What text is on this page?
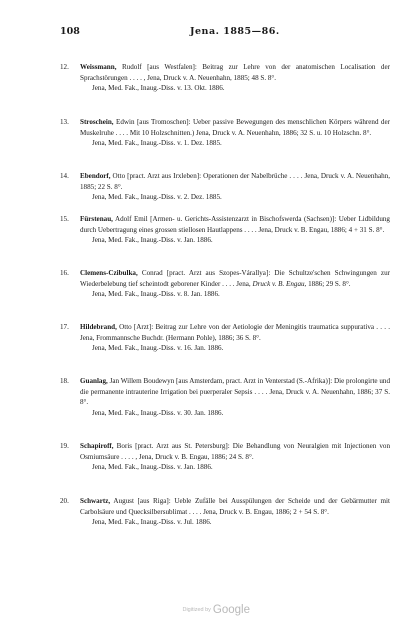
108	Jena. 1885—86.
12.	Weissmann, Rudolf [aus Westfalen]: Beitrag zur Lehre von der anatomischen Localisation der Sprachstörungen . . . . , Jena, Druck v. A. Neuenhahn, 1885; 48 S. 8°.
Jena, Med. Fak., Inaug.-Diss. v. 13. Okt. 1886.
13.	Stroschein, Edwin [aus Tromoschen]: Ueber passive Bewegungen des menschlichen Körpers während der Muskelruhe . . . . Mit 10 Holzschnitten.) Jena, Druck v. A. Neuenhahn, 1886; 32 S. u. 10 Holzschn. 8°.
Jena, Med. Fak., Inaug.-Diss. v. 1. Dez. 1885.
14.	Ebendorf, Otto [pract. Arzt aus Irxleben]: Operationen der Nabelbrüche . . . . Jena, Druck v. A. Neuenhahn, 1885; 22 S. 8°.
Jena, Med. Fak., Inaug.-Diss. v. 2. Dez. 1885.
15.	Fürstenau, Adolf Emil [Armen- u. Gerichts-Assistenzarzt in Bischofswerda (Sachsen)]: Ueber Lidbildung durch Uebertragung eines grossen stiellosen Hautlappens . . . . Jena, Druck v. B. Engau, 1886; 4 + 31 S. 8°.
Jena, Med. Fak., Inaug.-Diss. v. Jan. 1886.
16.	Clemens-Czibulka, Conrad [pract. Arzt aus Szopes-Várallya]: Die Schultze'schen Schwingungen zur Wiederbelebung tief scheintodt geborener Kinder . . . . Jena, Druck v. B. Engau, 1886; 29 S. 8°.
Jena, Med. Fak., Inaug.-Diss. v. 8. Jan. 1886.
17.	Hildebrand, Otto [Arzt]: Beitrag zur Lehre von der Aetiologie der Meningitis traumatica suppurativa . . . . Jena, Frommannsche Buchdr. (Hermann Pohle), 1886; 36 S. 8°.
Jena, Med. Fak., Inaug.-Diss. v. 16. Jan. 1886.
18.	Guanlag, Jan Willem Boudewyn [aus Amsterdam, pract. Arzt in Venterstad (S.-Afrika)]: Die prolongirte und die permanente intrauterine Irrigation bei puerperaler Sepsis . . . . Jena, Druck v. A. Neuenhahn, 1886; 37 S. 8°.
Jena, Med. Fak., Inaug.-Diss. v. 30. Jan. 1886.
19.	Schapiroff, Boris [pract. Arzt aus St. Petersburg]: Die Behandlung von Neuralgien mit Injectionen von Osmiumsäure . . . . , Jena, Druck v. B. Engau, 1886; 24 S. 8°.
Jena, Med. Fak., Inaug.-Diss. v. Jan. 1886.
20.	Schwartz, August [aus Riga]: Ueble Zufälle bei Ausspülungen der Scheide und der Gebärmutter mit Carbolsäure und Quecksilbersublimat . . . . Jena, Druck v. B. Engau, 1886; 2 + 54 S. 8°.
Jena, Med. Fak., Inaug.-Diss. v. Jul. 1886.
Digitized by Google
